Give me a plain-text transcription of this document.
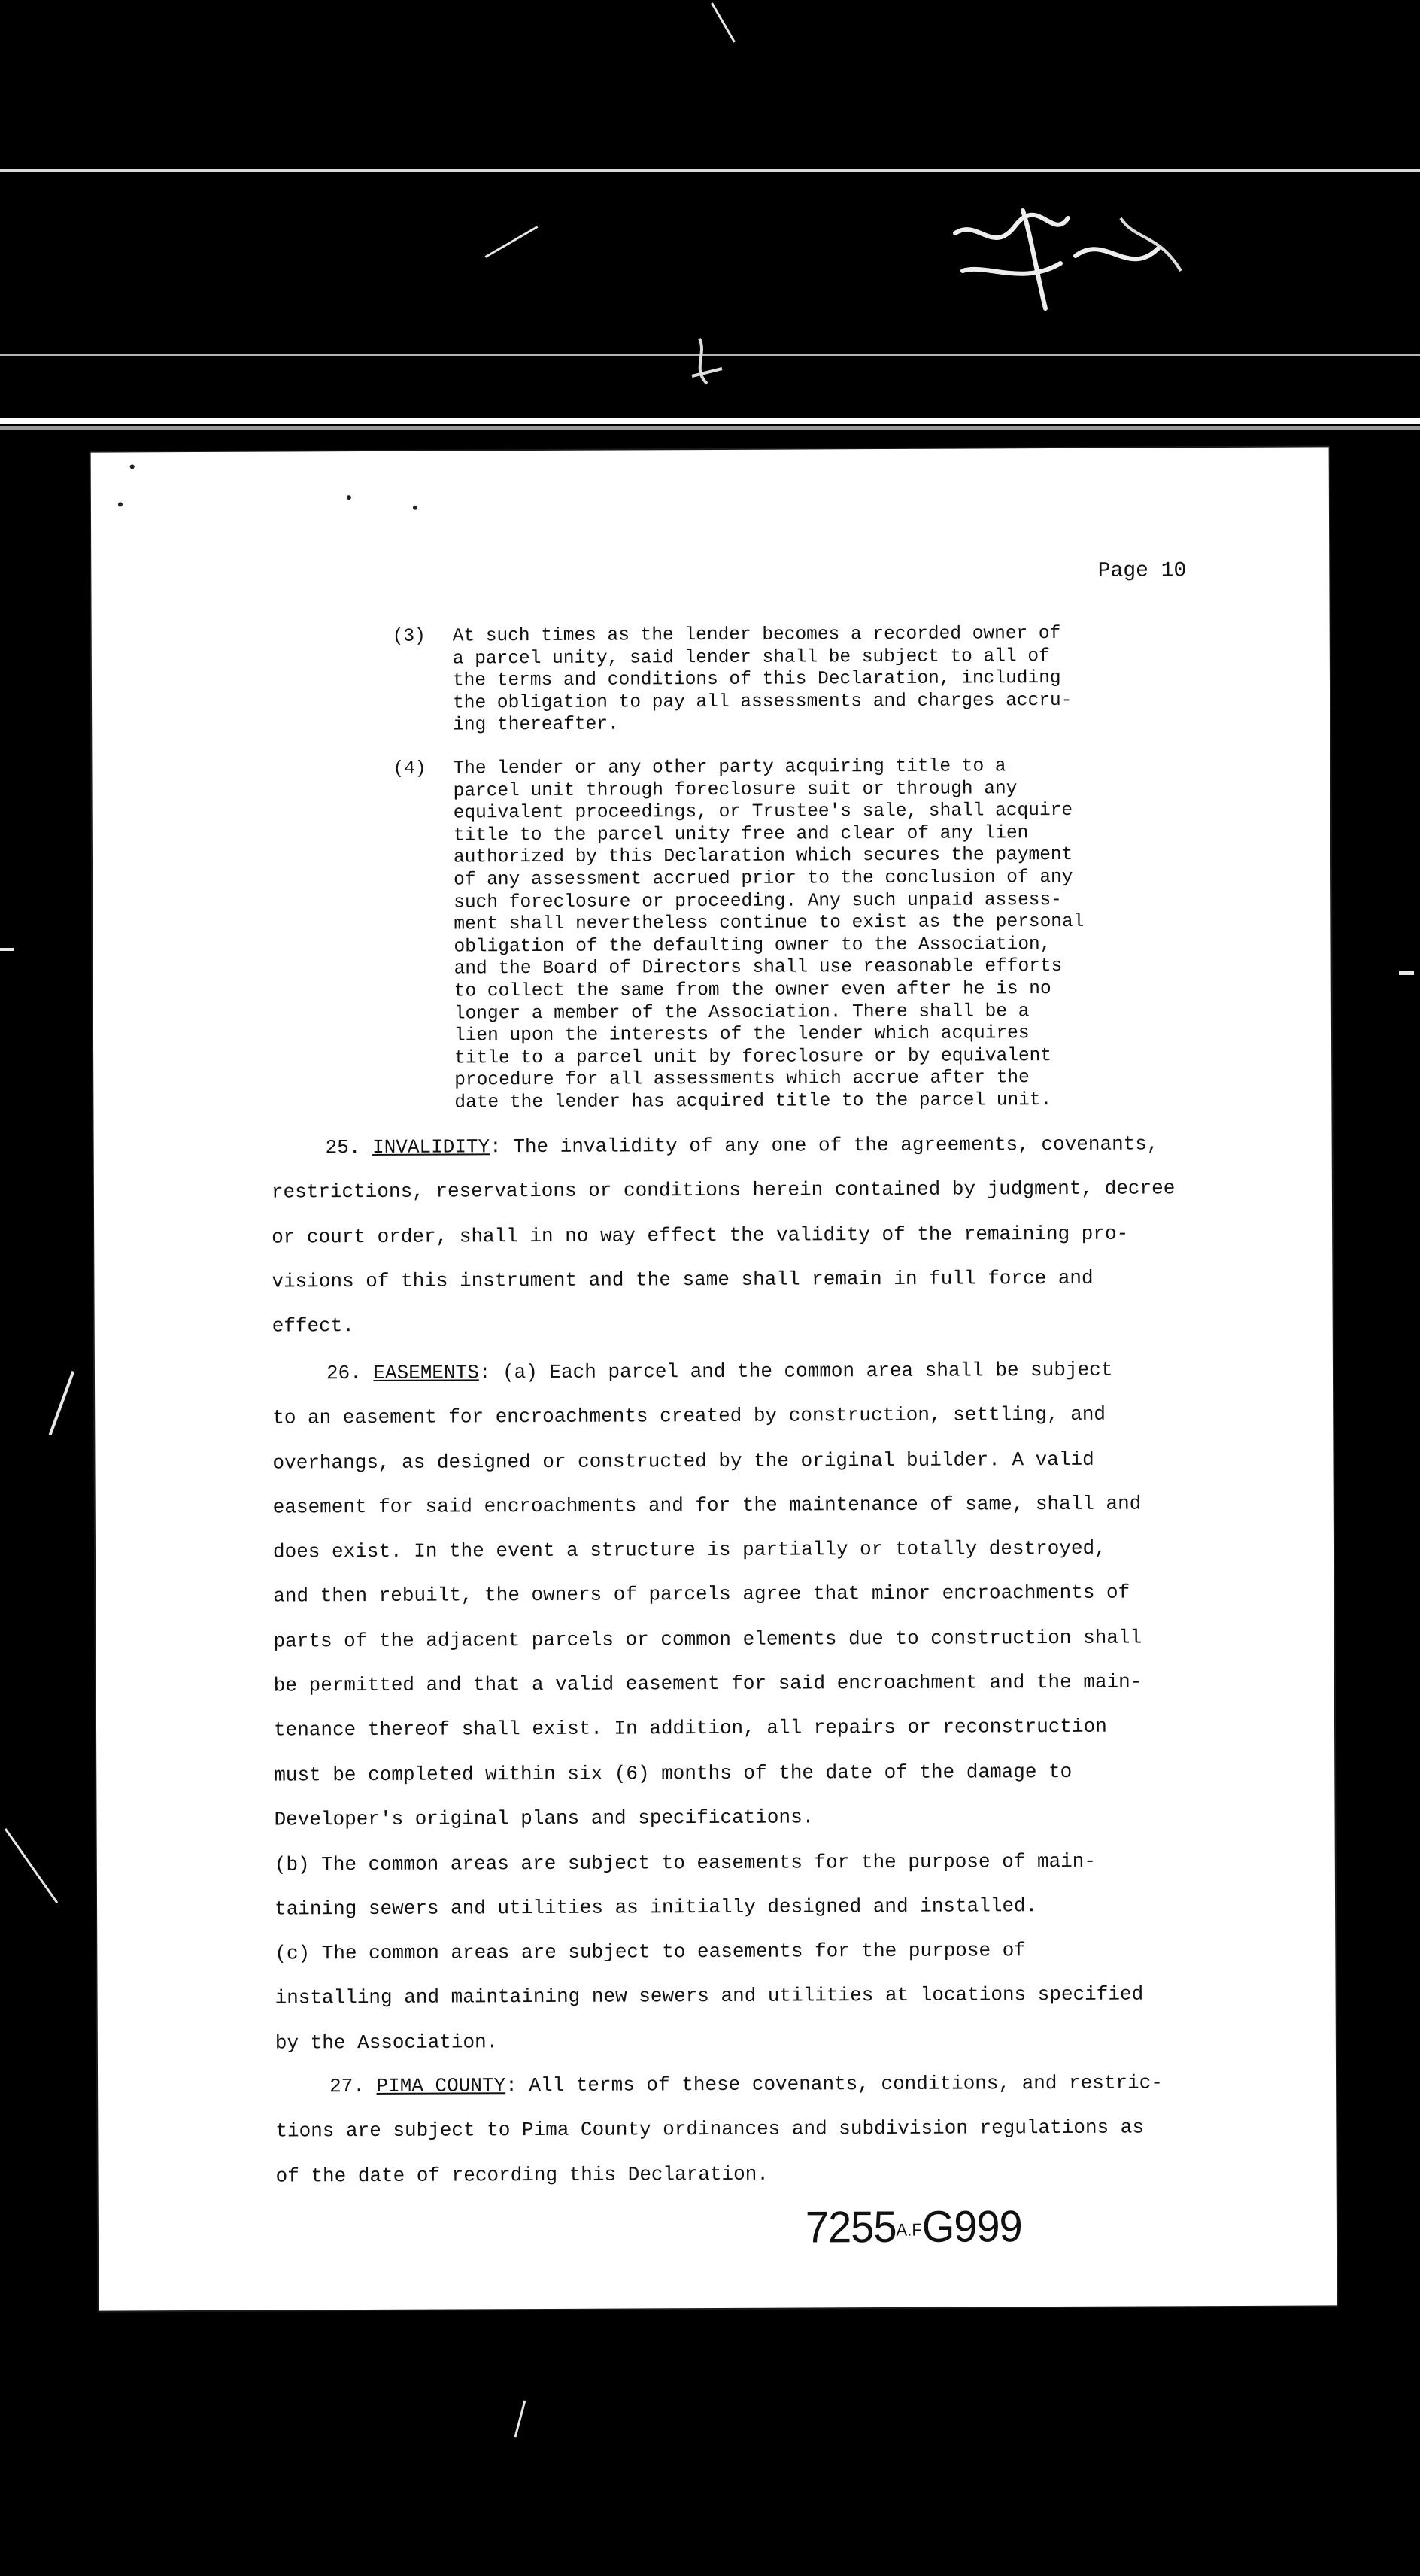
Page 10
(3)	At such times as the lender becomes a recorded owner of
a parcel unity, said lender shall be subject to all of
the terms and conditions of this Declaration, including
the obligation to pay all assessments and charges accru-
ing thereafter.
(4)	The lender or any other party acquiring title to a
parcel unit through foreclosure suit or through any
equivalent proceedings, or Trustee's sale, shall acquire
title to the parcel unity free and clear of any lien
authorized by this Declaration which secures the payment
of any assessment accrued prior to the conclusion of any
such foreclosure or proceeding. Any such unpaid assess-
ment shall nevertheless continue to exist as the personal
obligation of the defaulting owner to the Association,
and the Board of Directors shall use reasonable efforts
to collect the same from the owner even after he is no
longer a member of the Association. There shall be a
lien upon the interests of the lender which acquires
title to a parcel unit by foreclosure or by equivalent
procedure for all assessments which accrue after the
date the lender has acquired title to the parcel unit.
25. INVALIDITY: The invalidity of any one of the agreements, covenants,
restrictions, reservations or conditions herein contained by judgment, decree
or court order, shall in no way effect the validity of the remaining pro-
visions of this instrument and the same shall remain in full force and
effect.
26. EASEMENTS: (a) Each parcel and the common area shall be subject
to an easement for encroachments created by construction, settling, and
overhangs, as designed or constructed by the original builder. A valid
easement for said encroachments and for the maintenance of same, shall and
does exist. In the event a structure is partially or totally destroyed,
and then rebuilt, the owners of parcels agree that minor encroachments of
parts of the adjacent parcels or common elements due to construction shall
be permitted and that a valid easement for said encroachment and the main-
tenance thereof shall exist. In addition, all repairs or reconstruction
must be completed within six (6) months of the date of the damage to
Developer's original plans and specifications.
(b) The common areas are subject to easements for the purpose of main-
taining sewers and utilities as initially designed and installed.
(c) The common areas are subject to easements for the purpose of
installing and maintaining new sewers and utilities at locations specified
by the Association.
27. PIMA COUNTY: All terms of these covenants, conditions, and restric-
tions are subject to Pima County ordinances and subdivision regulations as
of the date of recording this Declaration.
7255A.FG999
